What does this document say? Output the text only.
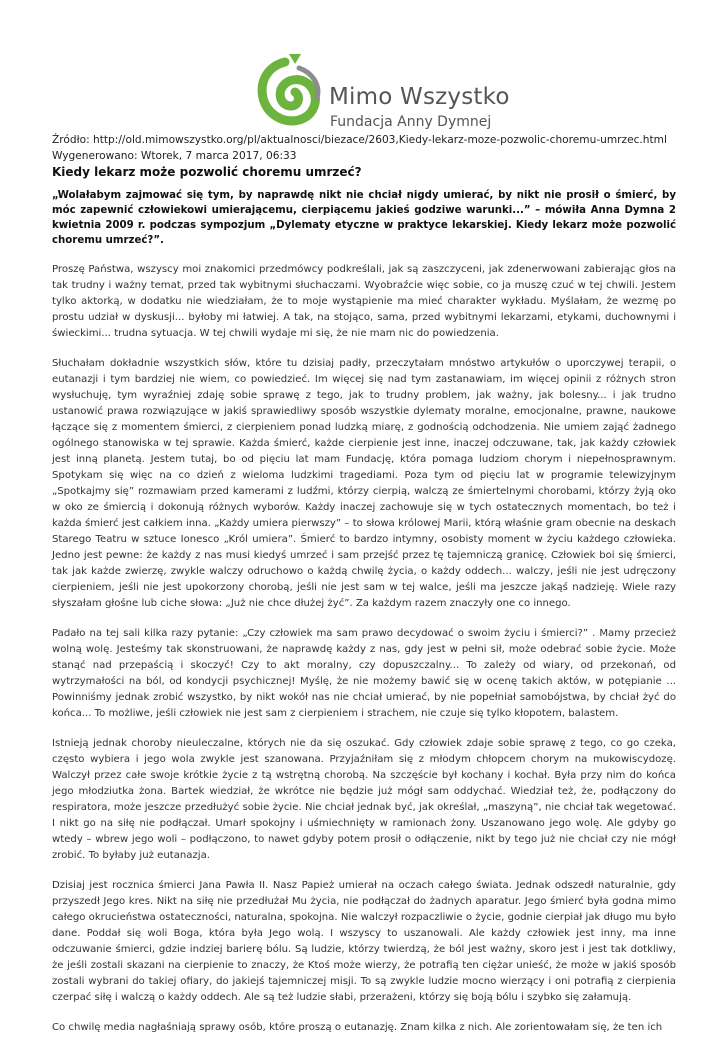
Mimo Wszystko
Fundacja Anny Dymnej
Źródło: http://old.mimowszystko.org/pl/aktualnosci/biezace/2603,Kiedy-lekarz-moze-pozwolic-choremu-umrzec.html
Wygenerowano: Wtorek, 7 marca 2017, 06:33
Kiedy lekarz może pozwolić choremu umrzeć?
„Wolałabym zajmować się tym, by naprawdę nikt nie chciał nigdy umierać, by nikt nie prosił o śmierć, by móc zapewnić człowiekowi umierającemu, cierpiącemu jakieś godziwe warunki...” – mówiła Anna Dymna 2 kwietnia 2009 r. podczas sympozjum „Dylematy etyczne w praktyce lekarskiej. Kiedy lekarz może pozwolić choremu umrzeć?”.

Proszę Państwa, wszyscy moi znakomici przedmówcy podkreślali, jak są zaszczyceni, jak zdenerwowani zabierając głos na tak trudny i ważny temat, przed tak wybitnymi słuchaczami. Wyobraźcie więc sobie, co ja muszę czuć w tej chwili. Jestem tylko aktorką, w dodatku nie wiedziałam, że to moje wystąpienie ma mieć charakter wykładu. Myślałam, że wezmę po prostu udział w dyskusji... byłoby mi łatwiej. A tak, na stojąco, sama, przed wybitnymi lekarzami, etykami, duchownymi i świeckimi... trudna sytuacja. W tej chwili wydaje mi się, że nie mam nic do powiedzenia.

Słuchałam dokładnie wszystkich słów, które tu dzisiaj padły, przeczytałam mnóstwo artykułów o uporczywej terapii, o eutanazji i tym bardziej nie wiem, co powiedzieć. Im więcej się nad tym zastanawiam, im więcej opinii z różnych stron wysłuchuję, tym wyraźniej zdaję sobie sprawę z tego, jak to trudny problem, jak ważny, jak bolesny... i jak trudno ustanowić prawa rozwiązujące w jakiś sprawiedliwy sposób wszystkie dylematy moralne, emocjonalne, prawne, naukowe łączące się z momentem śmierci, z cierpieniem ponad ludzką miarę, z godnością odchodzenia. Nie umiem zająć żadnego ogólnego stanowiska w tej sprawie. Każda śmierć, każde cierpienie jest inne, inaczej odczuwane, tak, jak każdy człowiek jest inną planetą. Jestem tutaj, bo od pięciu lat mam Fundację, która pomaga ludziom chorym i niepełnosprawnym. Spotykam się więc na co dzień z wieloma ludzkimi tragediami. Poza tym od pięciu lat w programie telewizyjnym „Spotkajmy się” rozmawiam przed kamerami z ludźmi, którzy cierpią, walczą ze śmiertelnymi chorobami, którzy żyją oko w oko ze śmiercią i dokonują różnych wyborów. Każdy inaczej zachowuje się w tych ostatecznych momentach, bo też i każda śmierć jest całkiem inna. „Każdy umiera pierwszy” – to słowa królowej Marii, którą właśnie gram obecnie na deskach Starego Teatru w sztuce Ionesco „Król umiera”. Śmierć to bardzo intymny, osobisty moment w życiu każdego człowieka. Jedno jest pewne: że każdy z nas musi kiedyś umrzeć i sam przejść przez tę tajemniczą granicę. Człowiek boi się śmierci, tak jak każde zwierzę, zwykle walczy odruchowo o każdą chwilę życia, o każdy oddech... walczy, jeśli nie jest udręczony cierpieniem, jeśli nie jest upokorzony chorobą, jeśli nie jest sam w tej walce, jeśli ma jeszcze jakąś nadzieję. Wiele razy słyszałam głośne lub ciche słowa: „Już nie chce dłużej żyć”. Za każdym razem znaczyły one co innego.

Padało na tej sali kilka razy pytanie: „Czy człowiek ma sam prawo decydować o swoim życiu i śmierci?” . Mamy przecież wolną wolę. Jesteśmy tak skonstruowani, że naprawdę każdy z nas, gdy jest w pełni sił, może odebrać sobie życie. Może stanąć nad przepaścią i skoczyć! Czy to akt moralny, czy dopuszczalny... To zależy od wiary, od przekonań, od wytrzymałości na ból, od kondycji psychicznej! Myślę, że nie możemy bawić się w ocenę takich aktów, w potępianie ... Powinniśmy jednak zrobić wszystko, by nikt wokół nas nie chciał umierać, by nie popełniał samobójstwa, by chciał żyć do końca... To możliwe, jeśli człowiek nie jest sam z cierpieniem i strachem, nie czuje się tylko kłopotem, balastem.

Istnieją jednak choroby nieuleczalne, których nie da się oszukać. Gdy człowiek zdaje sobie sprawę z tego, co go czeka, często wybiera i jego wola zwykle jest szanowana. Przyjaźniłam się z młodym chłopcem chorym na mukowiscydozę. Walczył przez całe swoje krótkie życie z tą wstrętną chorobą. Na szczęście był kochany i kochał. Była przy nim do końca jego młodziutka żona. Bartek wiedział, że wkrótce nie będzie już mógł sam oddychać. Wiedział też, że, podłączony do respiratora, może jeszcze przedłużyć sobie życie. Nie chciał jednak być, jak określał, „maszyną”, nie chciał tak wegetować. I nikt go na siłę nie podłączał. Umarł spokojny i uśmiechnięty w ramionach żony. Uszanowano jego wolę. Ale gdyby go wtedy – wbrew jego woli – podłączono, to nawet gdyby potem prosił o odłączenie, nikt by tego już nie chciał czy nie mógł zrobić. To byłaby już eutanazja.

Dzisiaj jest rocznica śmierci Jana Pawła II. Nasz Papież umierał na oczach całego świata. Jednak odszedł naturalnie, gdy przyszedł Jego kres. Nikt na siłę nie przedłużał Mu życia, nie podłączał do żadnych aparatur. Jego śmierć była godna mimo całego okrucieństwa ostateczności, naturalna, spokojna. Nie walczył rozpaczliwie o życie, godnie cierpiał jak długo mu było dane. Poddał się woli Boga, która była Jego wolą. I wszyscy to uszanowali. Ale każdy człowiek jest inny, ma inne odczuwanie śmierci, gdzie indziej barierę bólu. Są ludzie, którzy twierdzą, że ból jest ważny, skoro jest i jest tak dotkliwy, że jeśli zostali skazani na cierpienie to znaczy, że Ktoś może wierzy, że potrafią ten ciężar unieść, że może w jakiś sposób zostali wybrani do takiej ofiary, do jakiejś tajemniczej misji. To są zwykle ludzie mocno wierzący i oni potrafią z cierpienia czerpać siłę i walczą o każdy oddech. Ale są też ludzie słabi, przerażeni, którzy się boją bólu i szybko się załamują.

Co chwilę media nagłaśniają sprawy osób, które proszą o eutanazję. Znam kilka z nich. Ale zorientowałam się, że ten ich
